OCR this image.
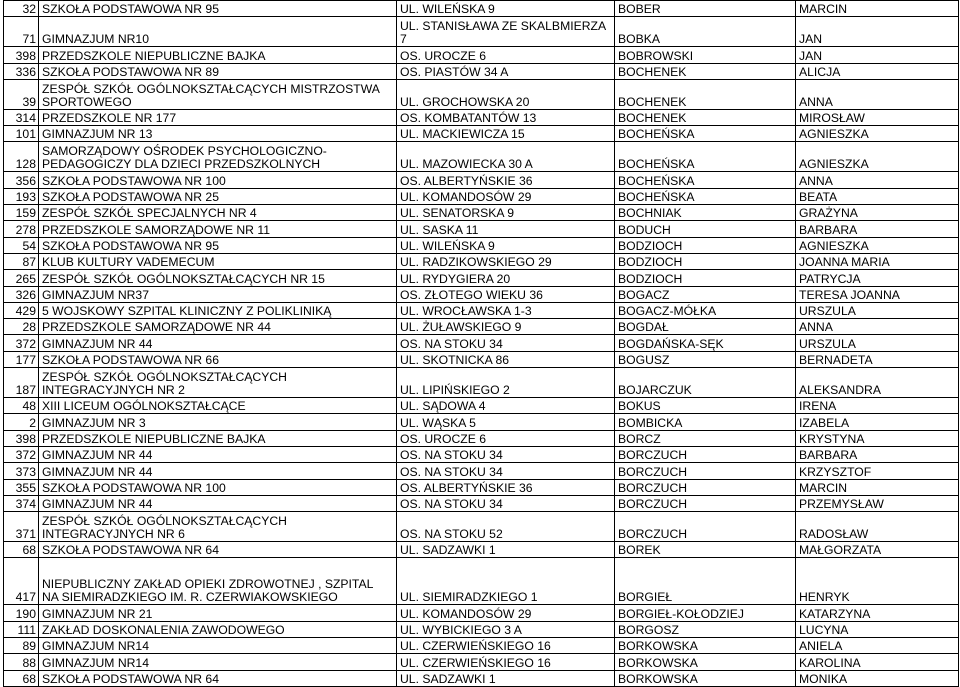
32	SZKOŁA PODSTAWOWA NR 95	UL. WILEŃSKA 9	BOBER	MARCIN
71	GIMNAZJUM NR10	UL. STANISŁAWA ZE SKALBMIERZA 7	BOBKA	JAN
398	PRZEDSZKOLE NIEPUBLICZNE BAJKA	OS. UROCZE 6	BOBROWSKI	JAN
336	SZKOŁA PODSTAWOWA NR 89	OS. PIASTÓW 34 A	BOCHENEK	ALICJA
39	ZESPÓŁ SZKÓŁ OGÓLNOKSZTAŁCĄCYCH MISTRZOSTWA SPORTOWEGO	UL. GROCHOWSKA 20	BOCHENEK	ANNA
314	PRZEDSZKOLE NR 177	OS. KOMBATANTÓW 13	BOCHENEK	MIROSŁAW
101	GIMNAZJUM NR 13	UL. MACKIEWICZA 15	BOCHEŃSKA	AGNIESZKA
128	SAMORZĄDOWY OŚRODEK PSYCHOLOGICZNO-PEDAGOGICZY DLA DZIECI PRZEDSZKOLNYCH	UL. MAZOWIECKA 30 A	BOCHEŃSKA	AGNIESZKA
356	SZKOŁA PODSTAWOWA NR 100	OS. ALBERTYŃSKIE 36	BOCHEŃSKA	ANNA
193	SZKOŁA PODSTAWOWA NR 25	UL. KOMANDOSÓW 29	BOCHEŃSKA	BEATA
159	ZESPÓŁ SZKÓŁ SPECJALNYCH NR 4	UL. SENATORSKA 9	BOCHNIAK	GRAŻYNA
278	PRZEDSZKOLE SAMORZĄDOWE NR 11	UL. SASKA 11	BODUCH	BARBARA
54	SZKOŁA PODSTAWOWA NR 95	UL. WILEŃSKA 9	BODZIOCH	AGNIESZKA
87	KLUB KULTURY VADEMECUM	UL. RADZIKOWSKIEGO 29	BODZIOCH	JOANNA MARIA
265	ZESPÓŁ SZKÓŁ OGÓLNOKSZTAŁCĄCYCH NR 15	UL. RYDYGIERA 20	BODZIOCH	PATRYCJA
326	GIMNAZJUM NR37	OS. ZŁOTEGO WIEKU 36	BOGACZ	TERESA JOANNA
429	5 WOJSKOWY SZPITAL KLINICZNY Z POLIKLINIKĄ	UL. WROCŁAWSKA 1-3	BOGACZ-MÓŁKA	URSZULA
28	PRZEDSZKOLE SAMORZĄDOWE NR 44	UL. ŻUŁAWSKIEGO 9	BOGDAŁ	ANNA
372	GIMNAZJUM NR 44	OS. NA STOKU 34	BOGDAŃSKA-SĘK	URSZULA
177	SZKOŁA PODSTAWOWA NR 66	UL. SKOTNICKA 86	BOGUSZ	BERNADETA
187	ZESPÓŁ SZKÓŁ OGÓLNOKSZTAŁCĄCYCH INTEGRACYJNYCH NR 2	UL. LIPIŃSKIEGO 2	BOJARCZUK	ALEKSANDRA
48	XIII LICEUM OGÓLNOKSZTAŁCĄCE	UL. SĄDOWA 4	BOKUS	IRENA
2	GIMNAZJUM NR 3	UL. WĄSKA 5	BOMBICKA	IZABELA
398	PRZEDSZKOLE NIEPUBLICZNE BAJKA	OS. UROCZE 6	BORCZ	KRYSTYNA
372	GIMNAZJUM NR 44	OS. NA STOKU 34	BORCZUCH	BARBARA
373	GIMNAZJUM NR 44	OS. NA STOKU 34	BORCZUCH	KRZYSZTOF
355	SZKOŁA PODSTAWOWA NR 100	OS. ALBERTYŃSKIE 36	BORCZUCH	MARCIN
374	GIMNAZJUM NR 44	OS. NA STOKU 34	BORCZUCH	PRZEMYSŁAW
371	ZESPÓŁ SZKÓŁ OGÓLNOKSZTAŁCĄCYCH INTEGRACYJNYCH NR 6	OS. NA STOKU 52	BORCZUCH	RADOSŁAW
68	SZKOŁA PODSTAWOWA NR 64	UL. SADZAWKI 1	BOREK	MAŁGORZATA
417	NIEPUBLICZNY ZAKŁAD OPIEKI ZDROWOTNEJ , SZPITAL NA SIEMIRADZKIEGO IM. R. CZERWIAKOWSKIEGO	UL. SIEMIRADZKIEGO 1	BORGIEŁ	HENRYK
190	GIMNAZJUM NR 21	UL. KOMANDOSÓW 29	BORGIEŁ-KOŁODZIEJ	KATARZYNA
111	ZAKŁAD DOSKONALENIA ZAWODOWEGO	UL. WYBICKIEGO 3 A	BORGOSZ	LUCYNA
89	GIMNAZJUM NR14	UL. CZERWIEŃSKIEGO 16	BORKOWSKA	ANIELA
88	GIMNAZJUM NR14	UL. CZERWIEŃSKIEGO 16	BORKOWSKA	KAROLINA
68	SZKOŁA PODSTAWOWA NR 64	UL. SADZAWKI 1	BORKOWSKA	MONIKA
